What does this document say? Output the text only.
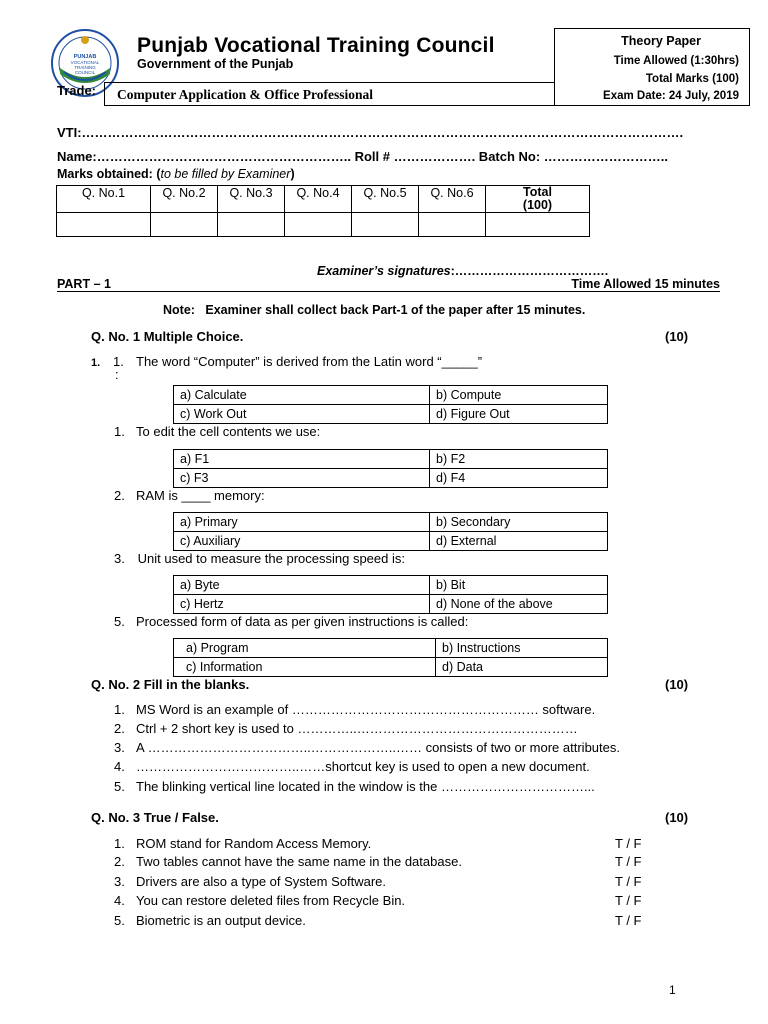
PUNJAB
VOCATIONAL
TRAINING
COUNCIL
Punjab Vocational Training Council
Government of the Punjab
Theory Paper
Time Allowed (1:30hrs)
Total Marks (100)
Exam Date: 24 July, 2019
Trade: Computer Application & Office Professional
VTI:………………………………………………………………………………………………………………………….
Name:………………………………………………….. Roll # ………………. Batch No: ………………………..
Marks obtained: (to be filled by Examiner)
Q. No.1	Q. No.2	Q. No.3	Q. No.4	Q. No.5	Q. No.6	Total
(100)

Examiner’s signatures:……………………………….
PART – 1	Time Allowed 15 minutes
Note:   Examiner shall collect back Part-1 of the paper after 15 minutes.
Q. No. 1 Multiple Choice.	(10)
1. 1.
:
The word “Computer” is derived from the Latin word “_____”
a) Calculate	b) Compute
c) Work Out	d) Figure Out
1. To edit the cell contents we use:
a) F1	b) F2
c) F3	d) F4
2. RAM is ____ memory:
a) Primary	b) Secondary
c) Auxiliary	d) External
3. Unit used to measure the processing speed is:
a) Byte	b) Bit
c) Hertz	d) None of the above
5. Processed form of data as per given instructions is called:
a) Program	b) Instructions
c) Information	d) Data
Q. No. 2 Fill in the blanks.	(10)
1. MS Word is an example of ………………………………………………… software.
2. Ctrl + 2 short key is used to …………..……………………………………………
3. A ………………………………..………………..…… consists of two or more attributes.
4. ………………………………..……shortcut key is used to open a new document.
5. The blinking vertical line located in the window is the ……………………………...
Q. No. 3 True / False.	(10)
1. ROM stand for Random Access Memory.	T / F
2. Two tables cannot have the same name in the database.	T / F
3. Drivers are also a type of System Software.	T / F
4. You can restore deleted files from Recycle Bin.	T / F
5. Biometric is an output device.	T / F
1
